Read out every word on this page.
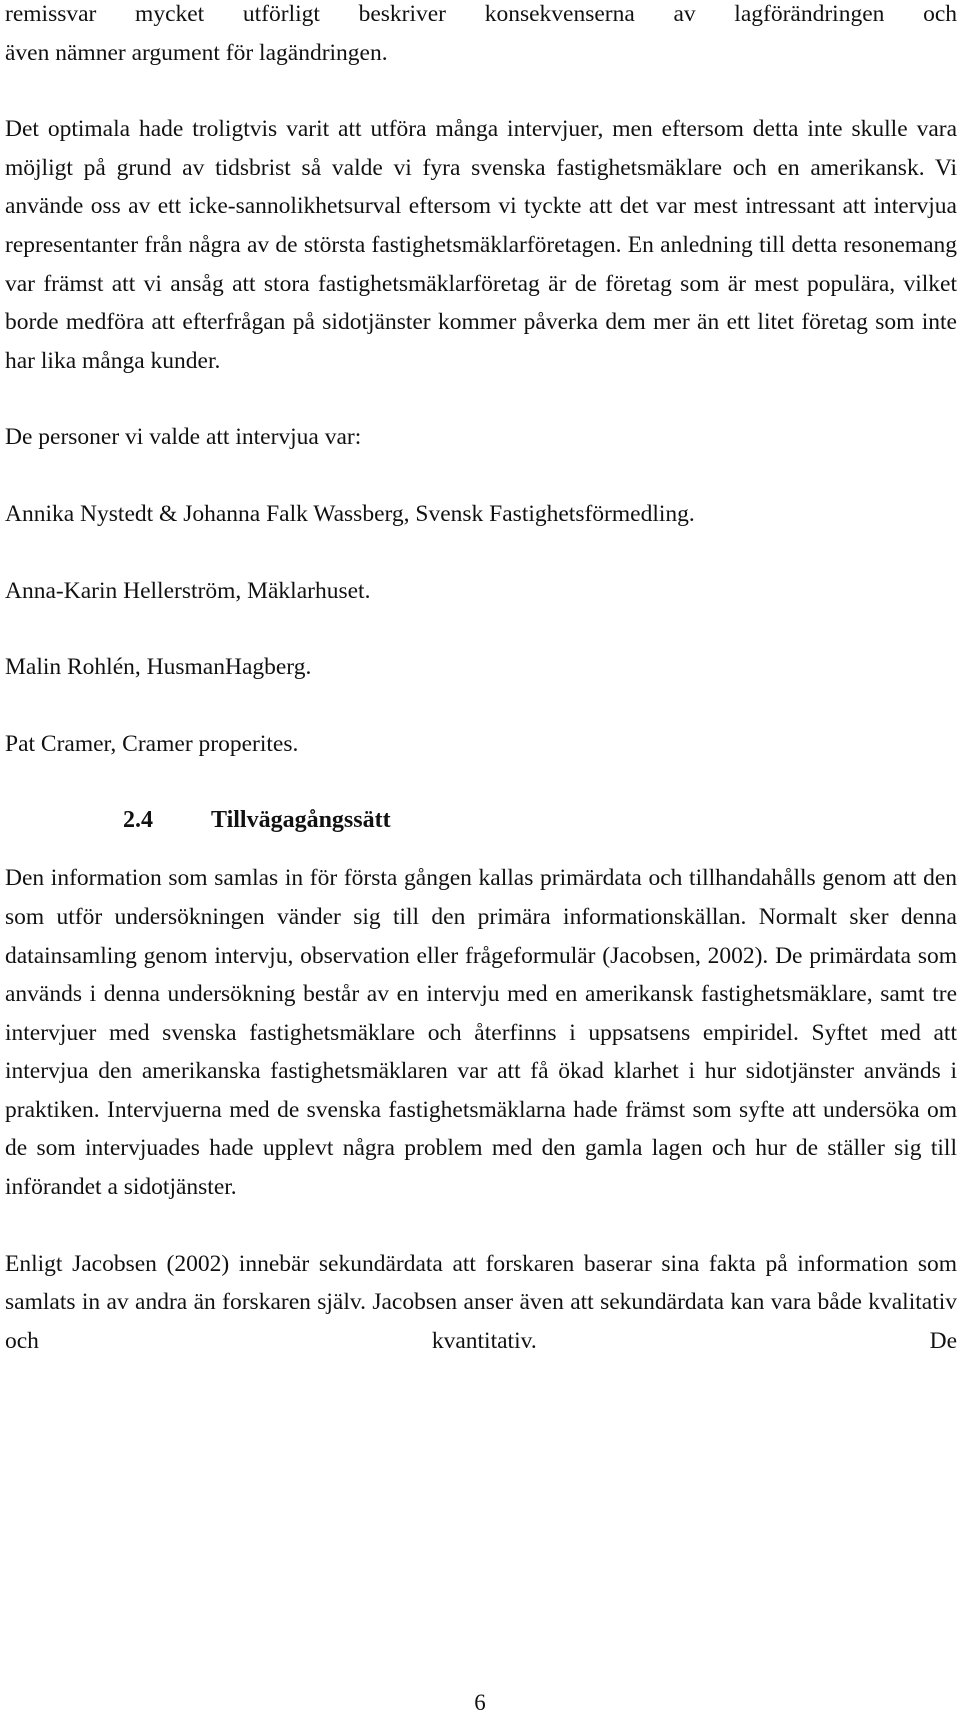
remissvar mycket utförligt beskriver konsekvenserna av lagförändringen och

även nämner argument för lagändringen.

Det optimala hade troligtvis varit att utföra många intervjuer, men eftersom detta inte skulle vara möjligt på grund av tidsbrist så valde vi fyra svenska fastighetsmäklare och en amerikansk. Vi använde oss av ett icke-sannolikhetsurval eftersom vi tyckte att det var mest intressant att intervjua representanter från några av de största fastighetsmäklarföretagen. En anledning till detta resonemang var främst att vi ansåg att stora fastighetsmäklarföretag är de företag som är mest populära, vilket borde medföra att efterfrågan på sidotjänster kommer påverka dem mer än ett litet företag som inte har lika många kunder.

De personer vi valde att intervjua var:

Annika Nystedt & Johanna Falk Wassberg, Svensk Fastighetsförmedling.

Anna-Karin Hellerström, Mäklarhuset.

Malin Rohlén, HusmanHagberg.

Pat Cramer, Cramer properites.

2.4 Tillvägagångssätt

Den information som samlas in för första gången kallas primärdata och tillhandahålls genom att den som utför undersökningen vänder sig till den primära informationskällan. Normalt sker denna datainsamling genom intervju, observation eller frågeformulär (Jacobsen, 2002). De primärdata som används i denna undersökning består av en intervju med en amerikansk fastighetsmäklare, samt tre intervjuer med svenska fastighetsmäklare och återfinns i uppsatsens empiridel. Syftet med att intervjua den amerikanska fastighetsmäklaren var att få ökad klarhet i hur sidotjänster används i praktiken. Intervjuerna med de svenska fastighetsmäklarna hade främst som syfte att undersöka om de som intervjuades hade upplevt några problem med den gamla lagen och hur de ställer sig till införandet a sidotjänster.

Enligt Jacobsen (2002) innebär sekundärdata att forskaren baserar sina fakta på information som samlats in av andra än forskaren själv. Jacobsen anser även att sekundärdata kan vara både kvalitativ och kvantitativ. De

6
